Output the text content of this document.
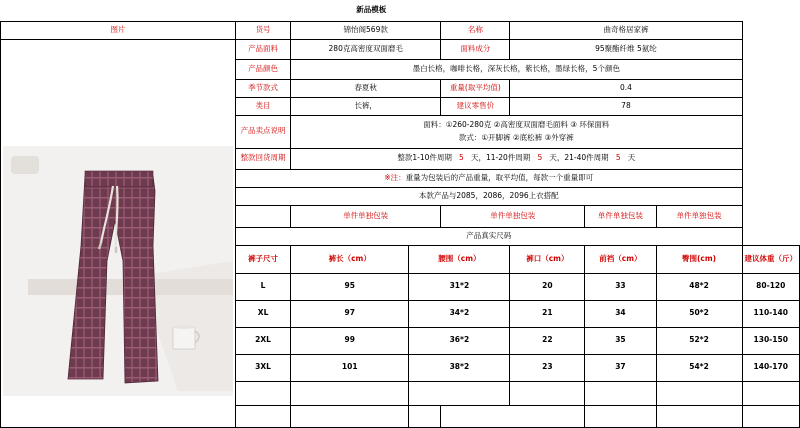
新品模板								
图片	货号	锦怡阁569款		名称	曲奇格居家裤			

	产品面料	280克高密度双面磨毛		面料成分	95聚酯纤维 5氨纶			
	产品颜色	墨白长格，咖啡长格，深灰长格，紫长格，墨绿长格，5个颜色						
	季节款式	春夏秋		重量(取平均值)	0.4			
	类目	长裤，		建议零售价	78			
	产品卖点说明	面料：①260-280克 ②高密度双面磨毛面料 ③ 环保面料
款式：①开脚裤 ②底松裤 ③外穿裤						

	整款回货周期	整款1-10件周期 5 天，11-20件周期 5 天，21-40件周期 5 天						
	※注：重量为包装后的产品重量，取平均值，每款一个重量即可							
	本款产品与2085，2086，2096上衣搭配							
		单件单独包装		单件单独包装		单件单独包装	单件单独包装	
	产品真实尺码							
	裤子尺寸	裤长（cm）	腰围（cm）		裤口（cm）	前裆（cm）	臀围(cm)	建议体重（斤）
	L	95	31*2		20	33	48*2	80-120
	XL	97	34*2		21	34	50*2	110-140
	2XL	99	36*2		22	35	52*2	130-150
	3XL	101	38*2		23	37	54*2	140-170
